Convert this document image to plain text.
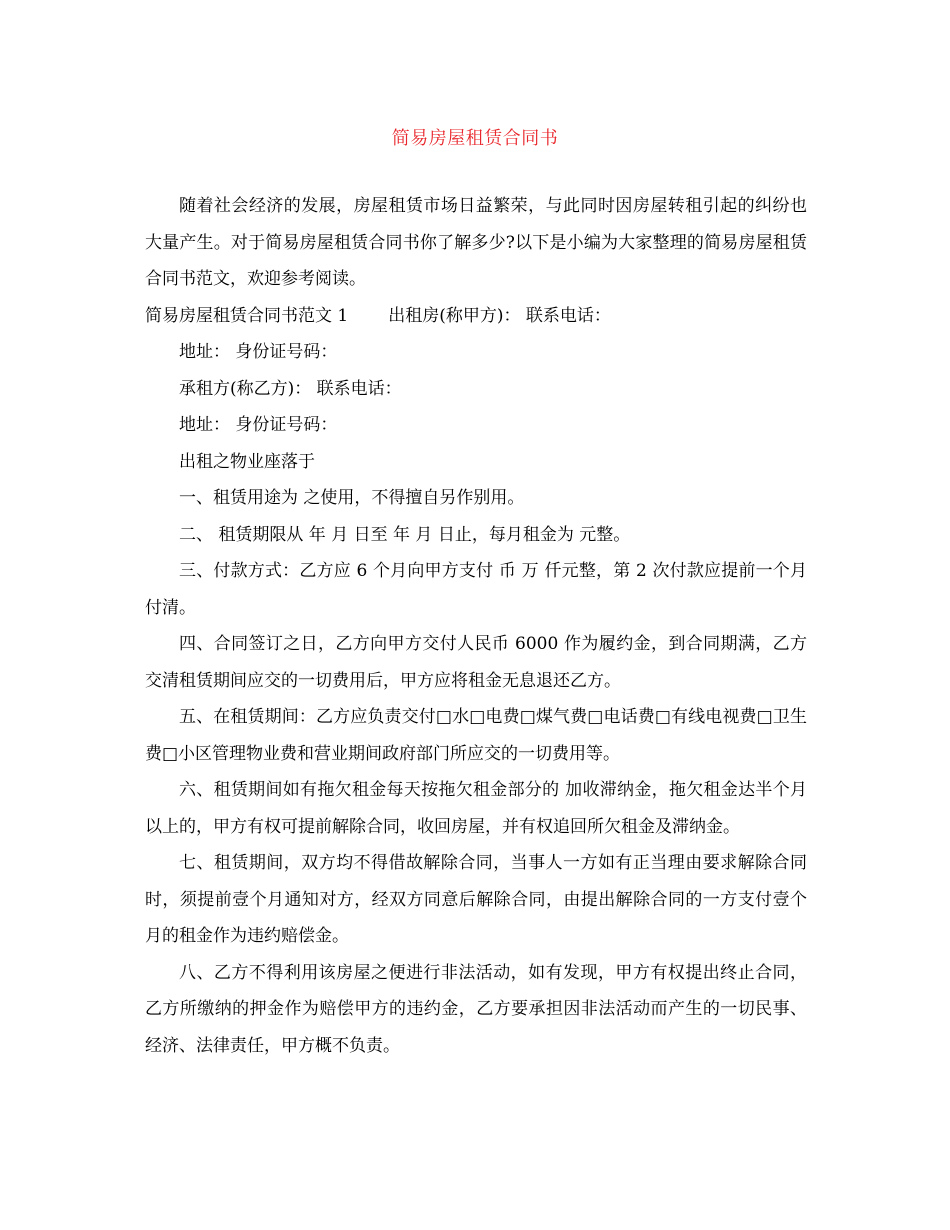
简易房屋租赁合同书

随着社会经济的发展，房屋租赁市场日益繁荣，与此同时因房屋转租引起的纠纷也大量产生。对于简易房屋租赁合同书你了解多少?以下是小编为大家整理的简易房屋租赁合同书范文，欢迎参考阅读。

简易房屋租赁合同书范文 1 出租房(称甲方)： 联系电话：

地址： 身份证号码：

承租方(称乙方)： 联系电话：

地址： 身份证号码：

出租之物业座落于

一、租赁用途为 之使用，不得擅自另作别用。

二、 租赁期限从 年 月 日至 年 月 日止，每月租金为 元整。

三、付款方式：乙方应 6 个月向甲方支付 币 万 仟元整，第 2 次付款应提前一个月付清。

四、合同签订之日，乙方向甲方交付人民币 6000 作为履约金，到合同期满，乙方交清租赁期间应交的一切费用后，甲方应将租金无息退还乙方。

五、在租赁期间：乙方应负责交付□水□电费□煤气费□电话费□有线电视费□卫生费□小区管理物业费和营业期间政府部门所应交的一切费用等。

六、租赁期间如有拖欠租金每天按拖欠租金部分的 加收滞纳金，拖欠租金达半个月以上的，甲方有权可提前解除合同，收回房屋，并有权追回所欠租金及滞纳金。

七、租赁期间，双方均不得借故解除合同，当事人一方如有正当理由要求解除合同时，须提前壹个月通知对方，经双方同意后解除合同，由提出解除合同的一方支付壹个月的租金作为违约赔偿金。

八、乙方不得利用该房屋之便进行非法活动，如有发现，甲方有权提出终止合同，乙方所缴纳的押金作为赔偿甲方的违约金，乙方要承担因非法活动而产生的一切民事、经济、法律责任，甲方概不负责。
